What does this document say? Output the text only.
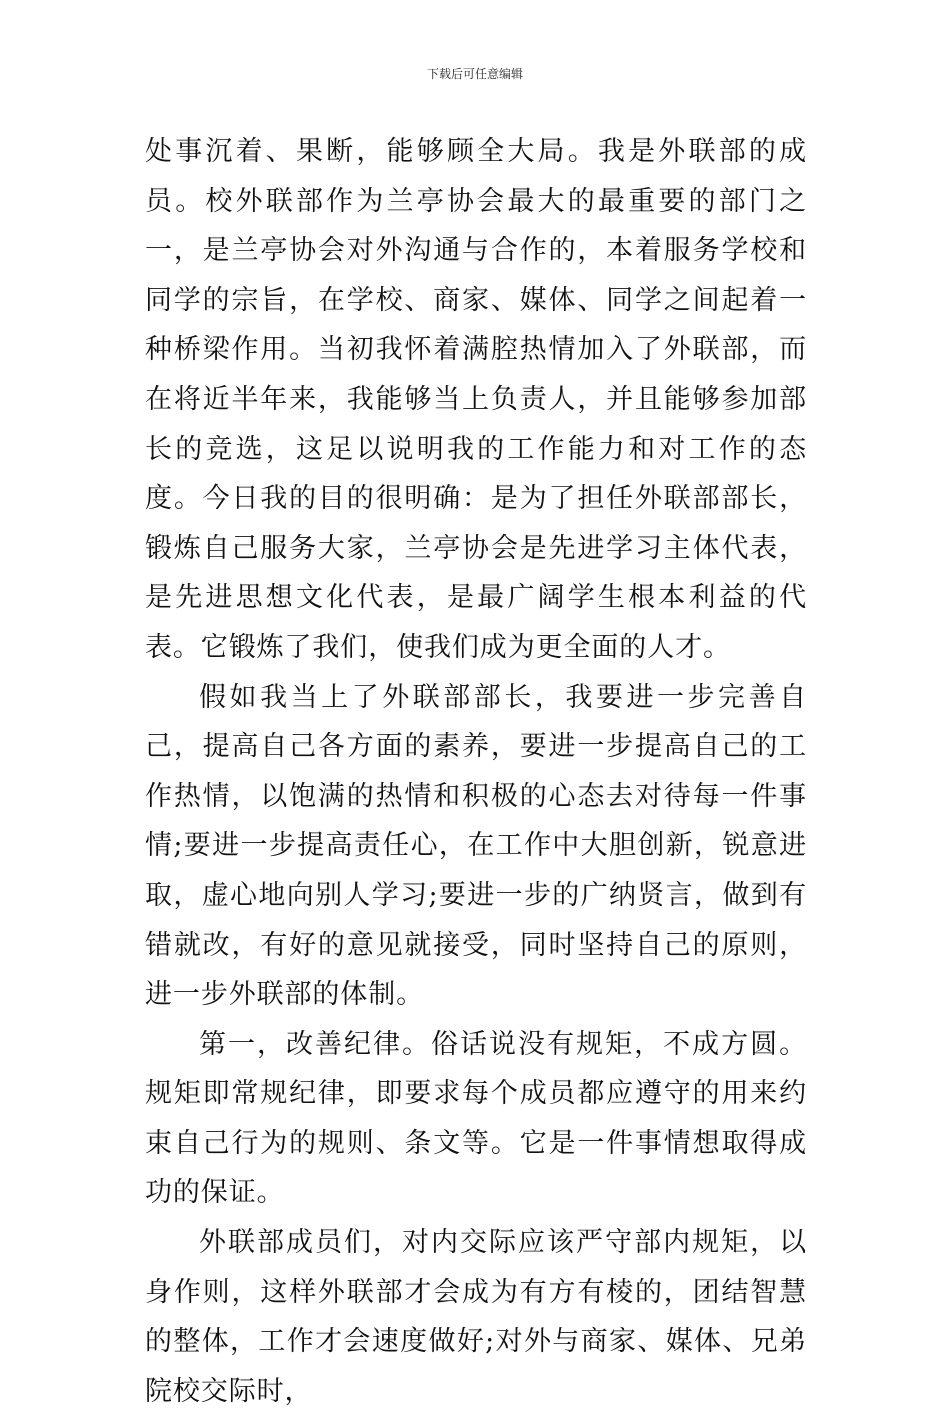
下载后可任意编辑

处事沉着、果断，能够顾全大局。我是外联部的成员。校外联部作为兰亭协会最大的最重要的部门之一，是兰亭协会对外沟通与合作的，本着服务学校和同学的宗旨，在学校、商家、媒体、同学之间起着一种桥梁作用。当初我怀着满腔热情加入了外联部，而在将近半年来，我能够当上负责人，并且能够参加部长的竞选，这足以说明我的工作能力和对工作的态度。今日我的目的很明确：是为了担任外联部部长，锻炼自己服务大家，兰亭协会是先进学习主体代表，是先进思想文化代表，是最广阔学生根本利益的代表。它锻炼了我们，使我们成为更全面的人才。

假如我当上了外联部部长，我要进一步完善自己，提高自己各方面的素养，要进一步提高自己的工作热情，以饱满的热情和积极的心态去对待每一件事情;要进一步提高责任心，在工作中大胆创新，锐意进取，虚心地向别人学习;要进一步的广纳贤言，做到有错就改，有好的意见就接受，同时坚持自己的原则，进一步外联部的体制。

第一，改善纪律。俗话说没有规矩，不成方圆。规矩即常规纪律，即要求每个成员都应遵守的用来约束自己行为的规则、条文等。它是一件事情想取得成功的保证。

外联部成员们，对内交际应该严守部内规矩，以身作则，这样外联部才会成为有方有棱的，团结智慧的整体，工作才会速度做好;对外与商家、媒体、兄弟院校交际时，
